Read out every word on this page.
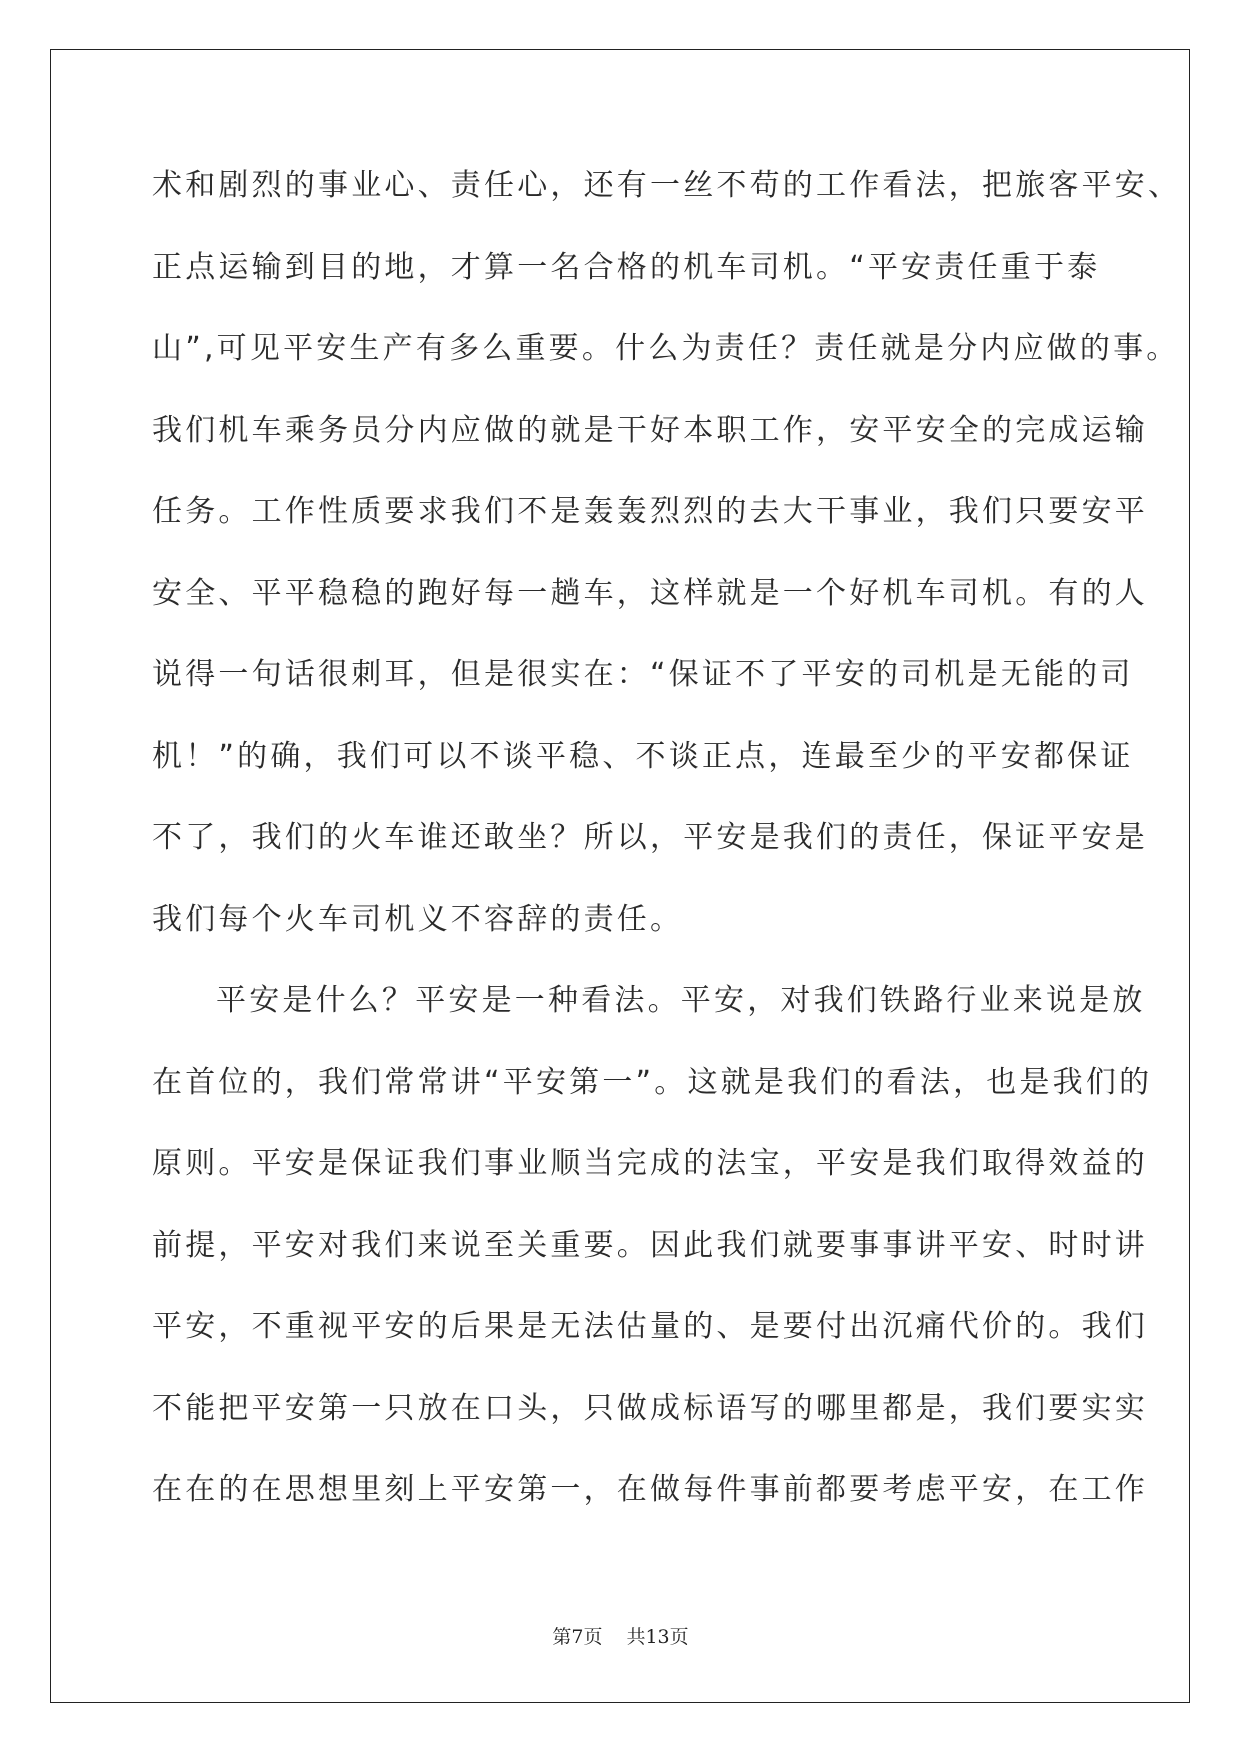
术和剧烈的事业心、责任心，还有一丝不苟的工作看法，把旅客平安、
正点运输到目的地，才算一名合格的机车司机。“平安责任重于泰
山”,可见平安生产有多么重要。什么为责任？责任就是分内应做的事。
我们机车乘务员分内应做的就是干好本职工作，安平安全的完成运输
任务。工作性质要求我们不是轰轰烈烈的去大干事业，我们只要安平
安全、平平稳稳的跑好每一趟车，这样就是一个好机车司机。有的人
说得一句话很刺耳，但是很实在：“保证不了平安的司机是无能的司
机！”的确，我们可以不谈平稳、不谈正点，连最至少的平安都保证
不了，我们的火车谁还敢坐？所以，平安是我们的责任，保证平安是
我们每个火车司机义不容辞的责任。
平安是什么？平安是一种看法。平安，对我们铁路行业来说是放
在首位的，我们常常讲“平安第一”。这就是我们的看法，也是我们的
原则。平安是保证我们事业顺当完成的法宝，平安是我们取得效益的
前提，平安对我们来说至关重要。因此我们就要事事讲平安、时时讲
平安，不重视平安的后果是无法估量的、是要付出沉痛代价的。我们
不能把平安第一只放在口头，只做成标语写的哪里都是，我们要实实
在在的在思想里刻上平安第一，在做每件事前都要考虑平安，在工作
第7页 共13页
